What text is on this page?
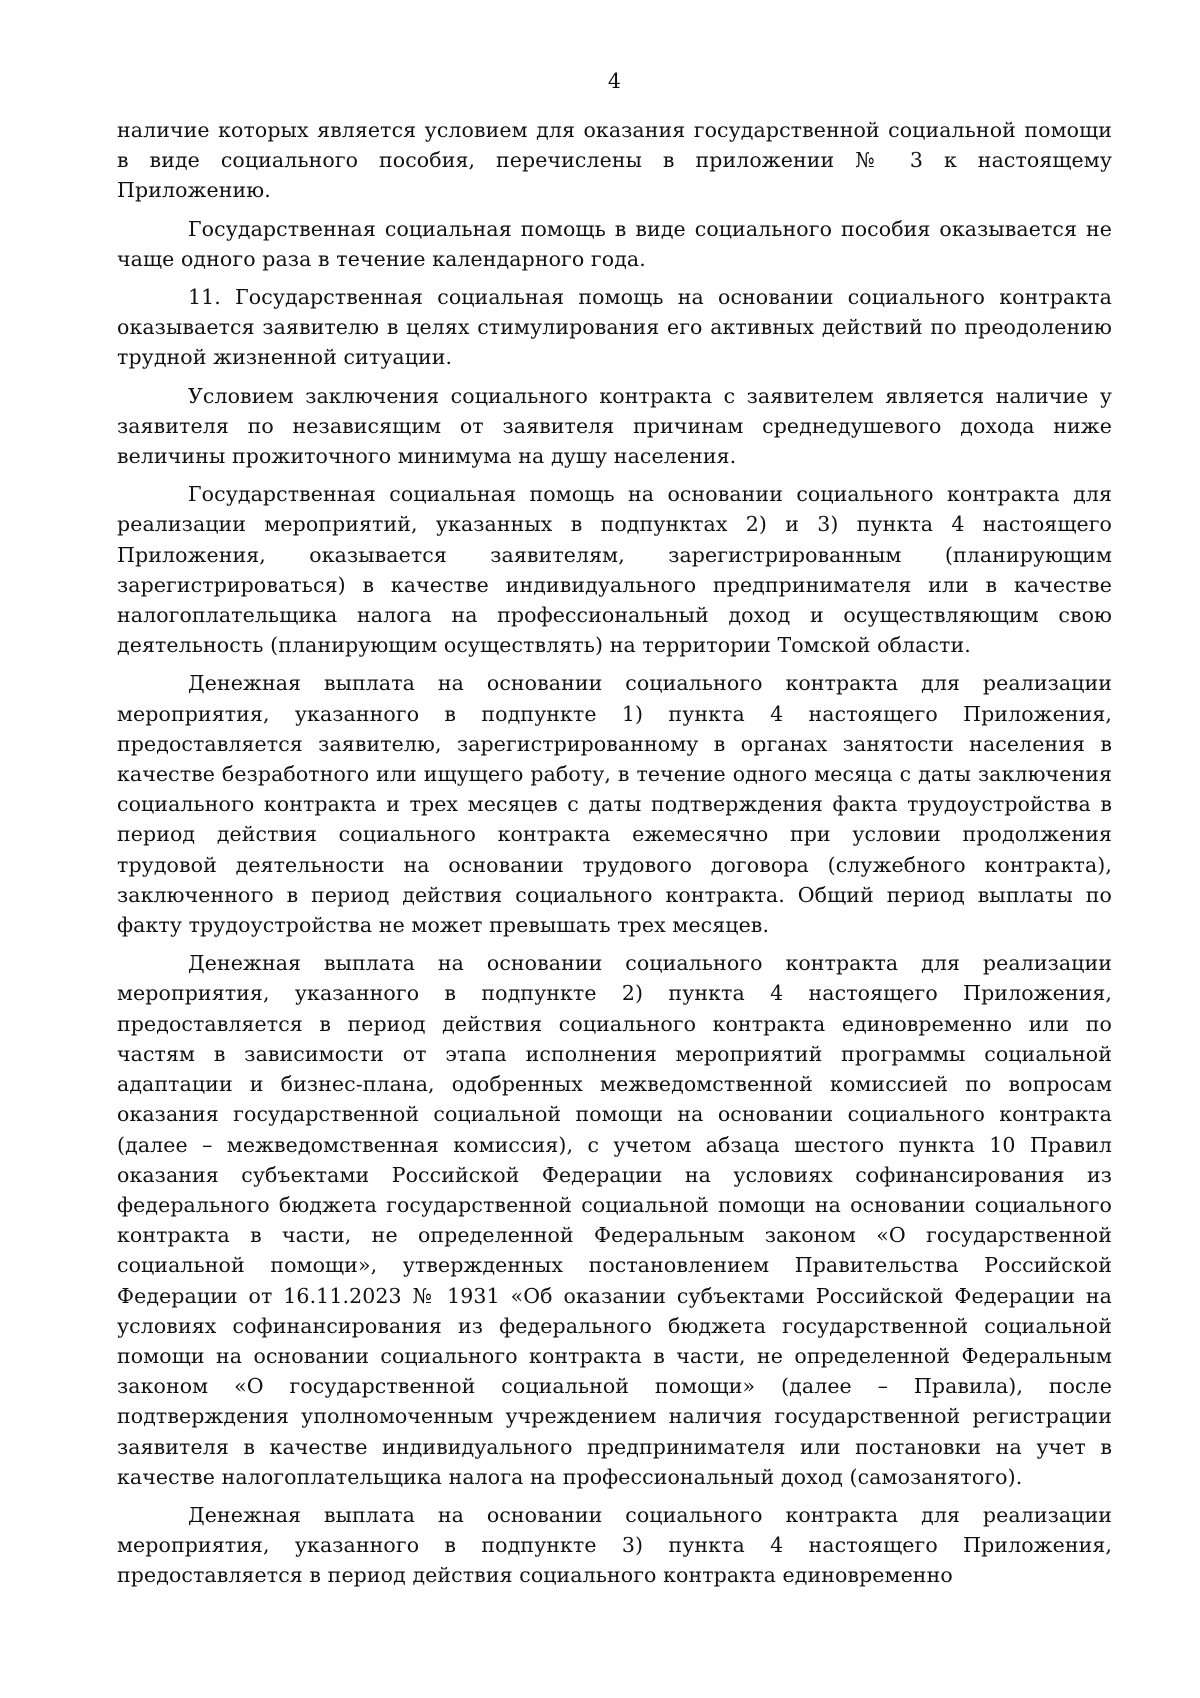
4

наличие которых является условием для оказания государственной социальной помощи в виде социального пособия, перечислены в приложении № 3 к настоящему Приложению.

Государственная социальная помощь в виде социального пособия оказывается не чаще одного раза в течение календарного года.

11. Государственная социальная помощь на основании социального контракта оказывается заявителю в целях стимулирования его активных действий по преодолению трудной жизненной ситуации.

Условием заключения социального контракта с заявителем является наличие у заявителя по независящим от заявителя причинам среднедушевого дохода ниже величины прожиточного минимума на душу населения.

Государственная социальная помощь на основании социального контракта для реализации мероприятий, указанных в подпунктах 2) и 3) пункта 4 настоящего Приложения, оказывается заявителям, зарегистрированным (планирующим зарегистрироваться) в качестве индивидуального предпринимателя или в качестве налогоплательщика налога на профессиональный доход и осуществляющим свою деятельность (планирующим осуществлять) на территории Томской области.

Денежная выплата на основании социального контракта для реализации мероприятия, указанного в подпункте 1) пункта 4 настоящего Приложения, предоставляется заявителю, зарегистрированному в органах занятости населения в качестве безработного или ищущего работу, в течение одного месяца с даты заключения социального контракта и трех месяцев с даты подтверждения факта трудоустройства в период действия социального контракта ежемесячно при условии продолжения трудовой деятельности на основании трудового договора (служебного контракта), заключенного в период действия социального контракта. Общий период выплаты по факту трудоустройства не может превышать трех месяцев.

Денежная выплата на основании социального контракта для реализации мероприятия, указанного в подпункте 2) пункта 4 настоящего Приложения, предоставляется в период действия социального контракта единовременно или по частям в зависимости от этапа исполнения мероприятий программы социальной адаптации и бизнес-плана, одобренных межведомственной комиссией по вопросам оказания государственной социальной помощи на основании социального контракта (далее – межведомственная комиссия), с учетом абзаца шестого пункта 10 Правил оказания субъектами Российской Федерации на условиях софинансирования из федерального бюджета государственной социальной помощи на основании социального контракта в части, не определенной Федеральным законом «О государственной социальной помощи», утвержденных постановлением Правительства Российской Федерации от 16.11.2023 № 1931 «Об оказании субъектами Российской Федерации на условиях софинансирования из федерального бюджета государственной социальной помощи на основании социального контракта в части, не определенной Федеральным законом «О государственной социальной помощи» (далее – Правила), после подтверждения уполномоченным учреждением наличия государственной регистрации заявителя в качестве индивидуального предпринимателя или постановки на учет в качестве налогоплательщика налога на профессиональный доход (самозанятого).

Денежная выплата на основании социального контракта для реализации мероприятия, указанного в подпункте 3) пункта 4 настоящего Приложения, предоставляется в период действия социального контракта единовременно
